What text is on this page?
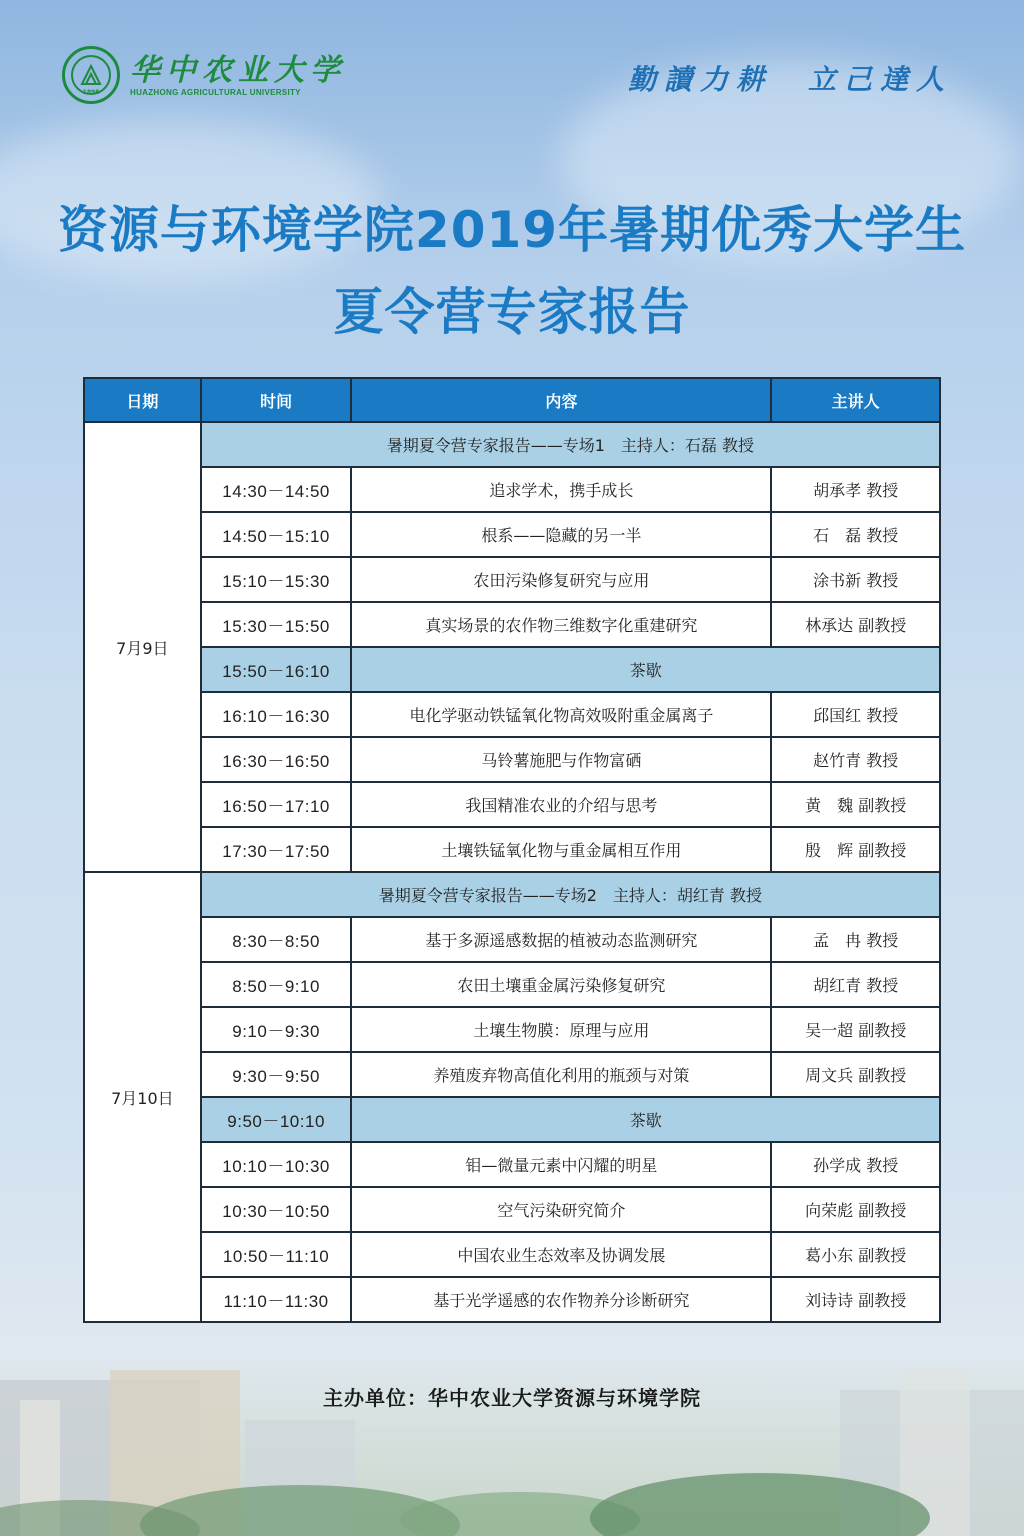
1898
华中农业大学
HUAZHONG AGRICULTURAL UNIVERSITY	勤讀力耕　立己達人
资源与环境学院2019年暑期优秀大学生
夏令营专家报告
日期	时间	内容	主讲人
7月9日	暑期夏令营专家报告——专场1　主持人：石磊 教授		
	14:30－14:50	追求学术，携手成长	胡承孝 教授
	14:50－15:10	根系——隐藏的另一半	石　磊 教授
	15:10－15:30	农田污染修复研究与应用	涂书新 教授
	15:30－15:50	真实场景的农作物三维数字化重建研究	林承达 副教授
	15:50－16:10	茶歇	
	16:10－16:30	电化学驱动铁锰氧化物高效吸附重金属离子	邱国红 教授
	16:30－16:50	马铃薯施肥与作物富硒	赵竹青 教授
	16:50－17:10	我国精准农业的介绍与思考	黄　魏 副教授
	17:30－17:50	土壤铁锰氧化物与重金属相互作用	殷　辉 副教授
7月10日	暑期夏令营专家报告——专场2　主持人：胡红青 教授		
	8:30－8:50	基于多源遥感数据的植被动态监测研究	孟　冉 教授
	8:50－9:10	农田土壤重金属污染修复研究	胡红青 教授
	9:10－9:30	土壤生物膜：原理与应用	吴一超 副教授
	9:30－9:50	养殖废弃物高值化利用的瓶颈与对策	周文兵 副教授
	9:50－10:10	茶歇	
	10:10－10:30	钼—微量元素中闪耀的明星	孙学成 教授
	10:30－10:50	空气污染研究简介	向荣彪 副教授
	10:50－11:10	中国农业生态效率及协调发展	葛小东 副教授
	11:10－11:30	基于光学遥感的农作物养分诊断研究	刘诗诗 副教授
主办单位：华中农业大学资源与环境学院
